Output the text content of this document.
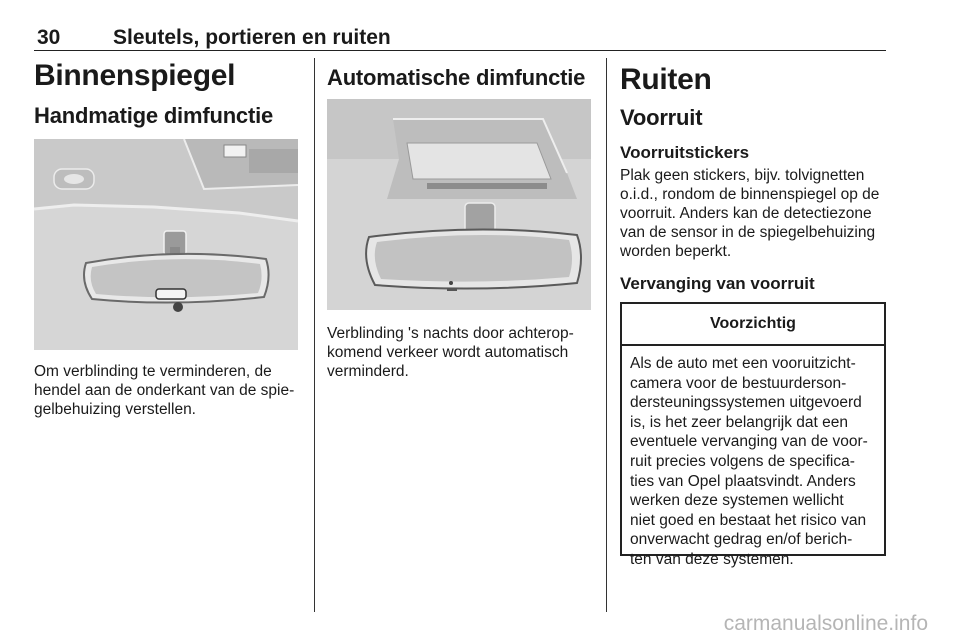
30	Sleutels, portieren en ruiten
Binnenspiegel
Handmatige dimfunctie

Om verblinding te verminderen, de
hendel aan de onderkant van de spie-
gelbehuizing verstellen.

Automatische dimfunctie

Verblinding 's nachts door achterop-
komend verkeer wordt automatisch
verminderd.

Ruiten
Voorruit
Voorruitstickers

Plak geen stickers, bijv. tolvignetten
o.i.d., rondom de binnenspiegel op de
voorruit. Anders kan de detectiezone
van de sensor in de spiegelbehuizing
worden beperkt.

Vervanging van voorruit
Voorzichtig

Als de auto met een vooruitzicht-
camera voor de bestuurderson-
dersteuningssystemen uitgevoerd
is, is het zeer belangrijk dat een
eventuele vervanging van de voor-
ruit precies volgens de specifica-
ties van Opel plaatsvindt. Anders
werken deze systemen wellicht
niet goed en bestaat het risico van
onverwacht gedrag en/of berich-
ten van deze systemen.

carmanualsonline.info
